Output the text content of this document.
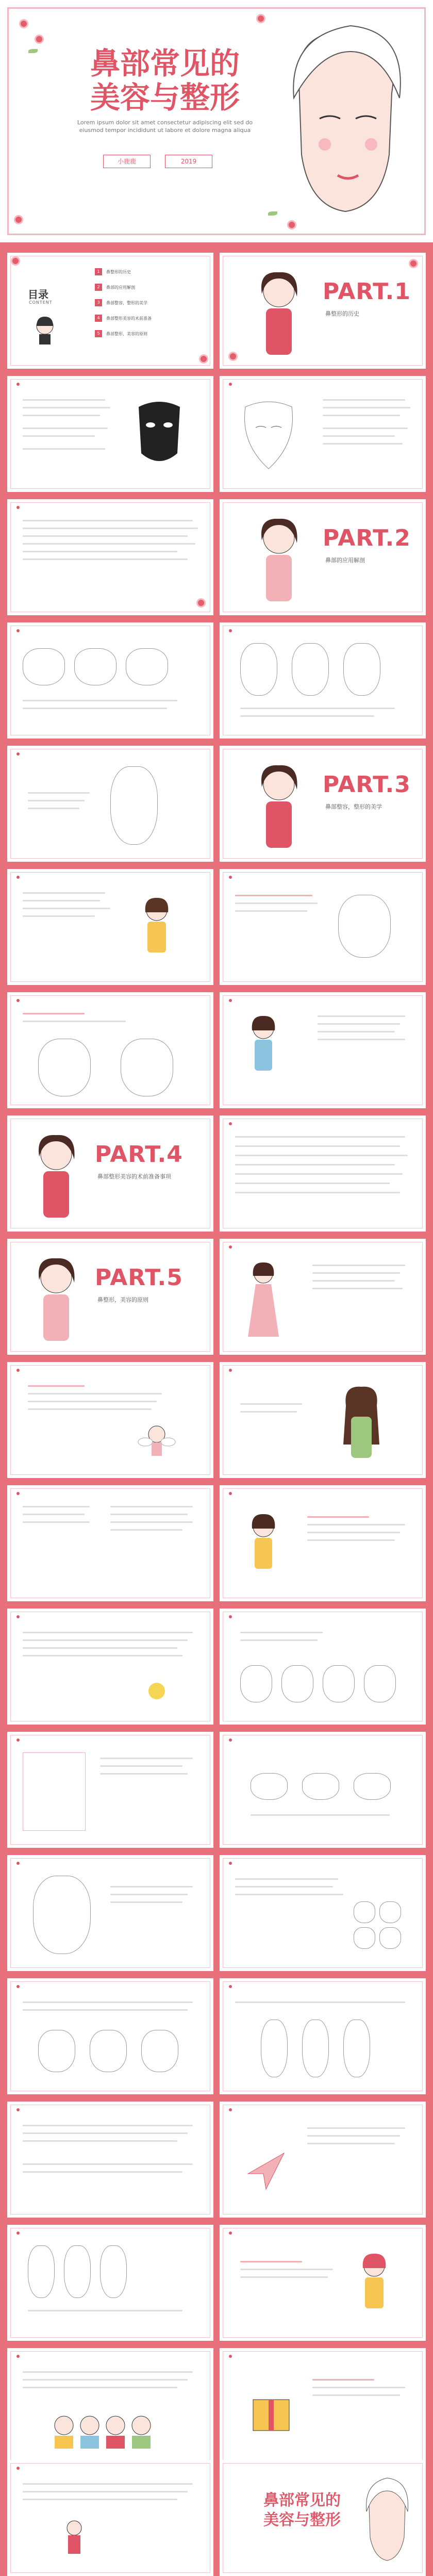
鼻部常见的
美容与整形
Lorem ipsum dolor sit amet consectetur adipiscing elit sed do eiusmod tempor incididunt ut labore et dolore magna aliqua
小鹿鹿	2019
目录
CONTENT
1	鼻整形的历史
2	鼻部的应用解剖
3	鼻部整容，整形的美学
4	鼻部整形美容的术前准备
5	鼻部整形，美容的原则
PART.1
鼻整形的历史
PART.2
鼻部的应用解剖
PART.3
鼻部整容，整形的美学
PART.4
鼻部整形美容的术前准备事项
PART.5
鼻整形，美容的原则
鼻部常见的
美容与整形
